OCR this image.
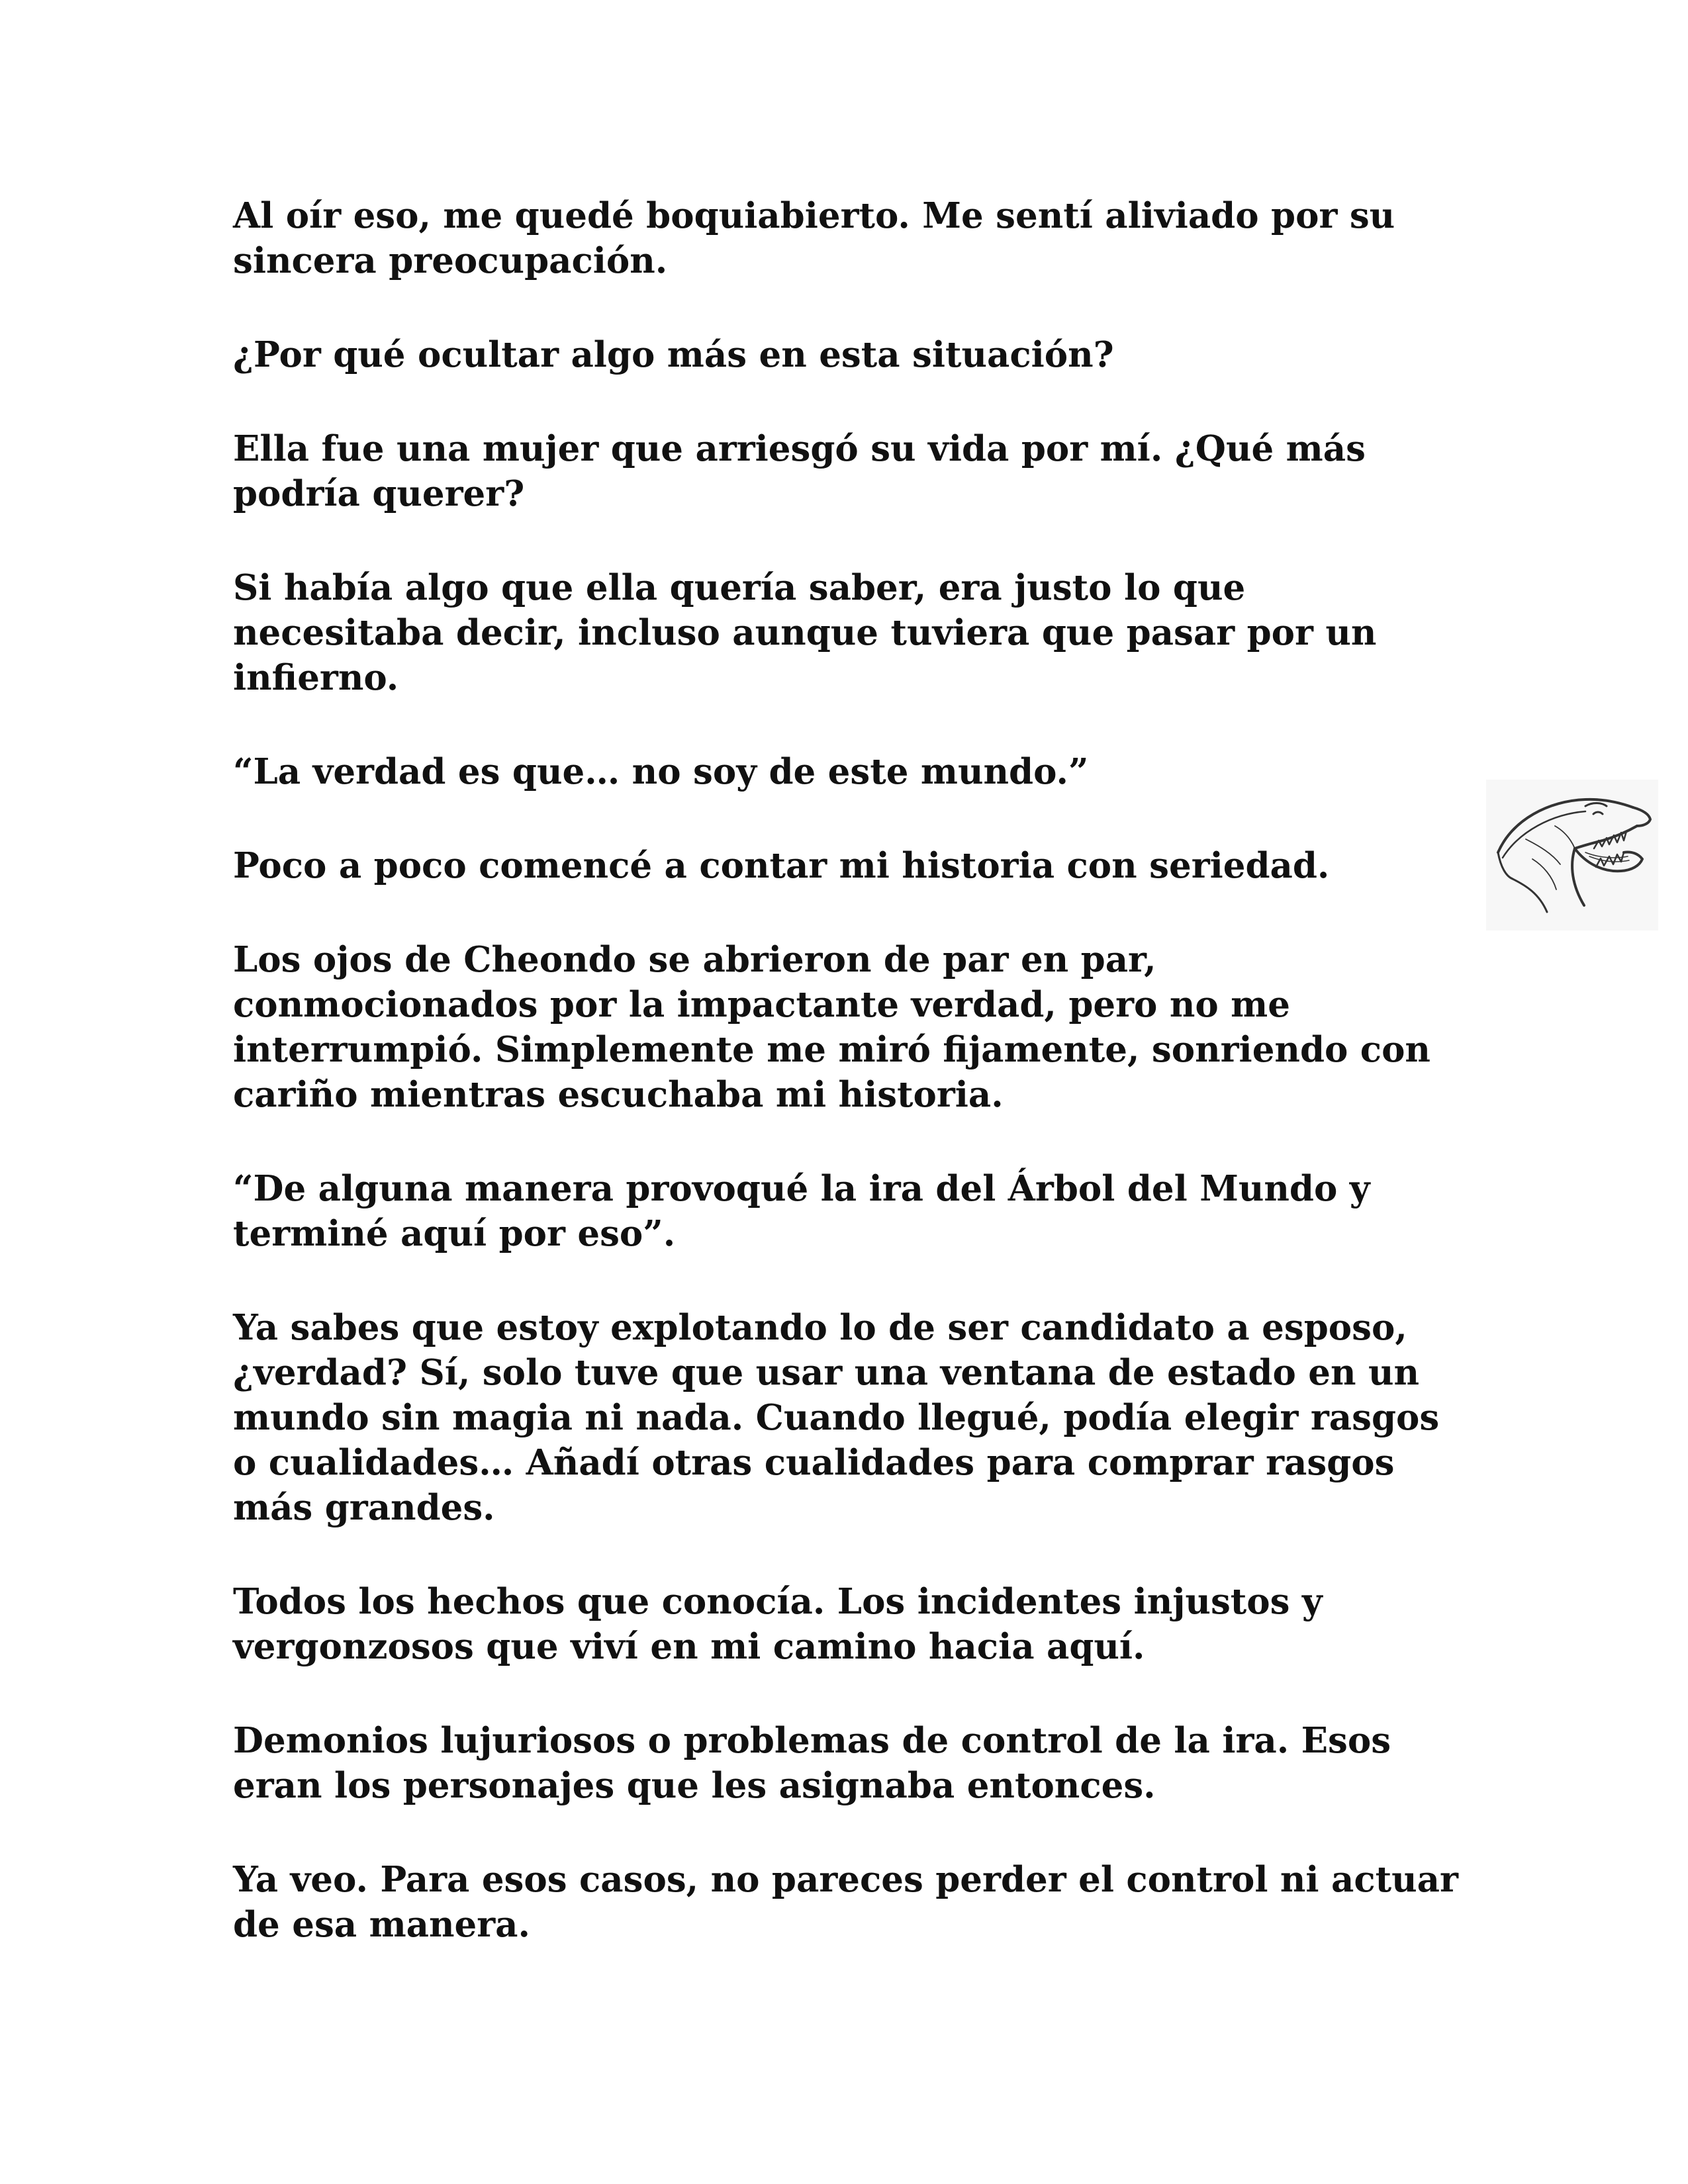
Al oír eso, me quedé boquiabierto. Me sentí aliviado por su sincera preocupación.

¿Por qué ocultar algo más en esta situación?

Ella fue una mujer que arriesgó su vida por mí. ¿Qué más podría querer?

Si había algo que ella quería saber, era justo lo que necesitaba decir, incluso aunque tuviera que pasar por un infierno.

“La verdad es que… no soy de este mundo.”

Poco a poco comencé a contar mi historia con seriedad.

Los ojos de Cheondo se abrieron de par en par, conmocionados por la impactante verdad, pero no me interrumpió. Simplemente me miró fijamente, sonriendo con cariño mientras escuchaba mi historia.

“De alguna manera provoqué la ira del Árbol del Mundo y terminé aquí por eso”.

Ya sabes que estoy explotando lo de ser candidato a esposo, ¿verdad? Sí, solo tuve que usar una ventana de estado en un mundo sin magia ni nada. Cuando llegué, podía elegir rasgos o cualidades… Añadí otras cualidades para comprar rasgos más grandes.

Todos los hechos que conocía. Los incidentes injustos y vergonzosos que viví en mi camino hacia aquí.

Demonios lujuriosos o problemas de control de la ira. Esos eran los personajes que les asignaba entonces.

Ya veo. Para esos casos, no pareces perder el control ni actuar de esa manera.
